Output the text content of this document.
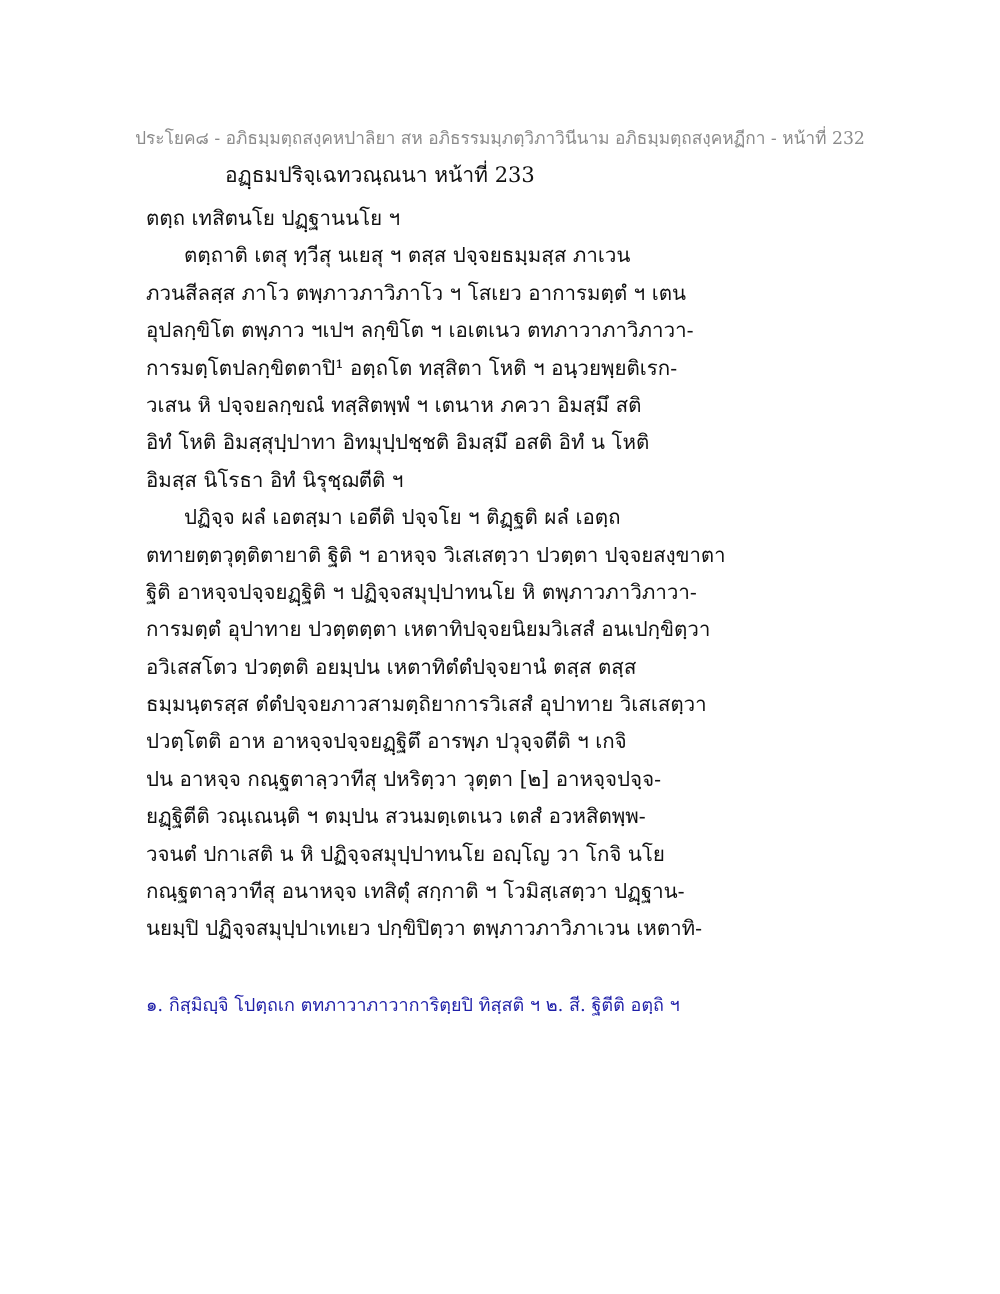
ประโยค๘ - อภิธมฺมตฺถสงฺคหปาลิยา สห อภิธรรมมฺภตฺวิภาวินีนาม อภิธมฺมตฺถสงฺคหฏีกา - หน้าที่ 232
อฏฺธมปริจฺเฉทวณฺณนา หน้าที่ 233
ตตฺถ เทสิตนโย ปฏฺฐานนโย ฯ
ตตฺถาติ เตสุ ทฺวีสุ นเยสุ ฯ ตสฺส ปจฺจยธมฺมสฺส ภาเวน
ภวนสีลสฺส ภาโว ตพฺภาวภาวิภาโว ฯ โสเยว อาการมตฺตํ ฯ เตน
อุปลกฺขิโต ตพฺภาว ฯเปฯ ลกฺขิโต ฯ เอเตเนว ตทภาวาภาวิภาวา-
การมตฺโตปลกฺขิตตาปิ¹ อตฺถโต ทสฺสิตา โหติ ฯ อนฺวยพฺยติเรก-
วเสน หิ ปจฺจยลกฺขณํ ทสฺสิตพฺพํ ฯ เตนาห ภควา อิมสฺมึ สติ
อิทํ โหติ อิมสฺสุปฺปาทา อิทมุปฺปชฺชติ อิมสฺมึ อสติ อิทํ น โหติ
อิมสฺส นิโรธา อิทํ นิรุชฺฌตีติ ฯ
ปฏิจฺจ ผลํ เอตสฺมา เอตีติ ปจฺจโย ฯ ติฏฺฐติ ผลํ เอตฺถ
ตทายตฺตวุตฺติตายาติ ฐิติ ฯ อาหจฺจ วิเสเสตฺวา ปวตฺตา ปจฺจยสงฺขาตา
ฐิติ อาหจฺจปจฺจยฏฺฐิติ ฯ ปฏิจฺจสมุปฺปาทนโย หิ ตพฺภาวภาวิภาวา-
การมตฺตํ อุปาทาย ปวตฺตตฺตา เหตาทิปจฺจยนิยมวิเสสํ อนเปกฺขิตฺวา
อวิเสสโตว ปวตฺตติ อยมฺปน เหตาทิตํตํปจฺจยานํ ตสฺส ตสฺส
ธมฺมนฺตรสฺส ตํตํปจฺจยภาวสามตฺถิยาการวิเสสํ อุปาทาย วิเสเสตฺวา
ปวตฺโตติ อาห อาหจฺจปจฺจยฏฺฐิตึ อารพฺภ ปวุจฺจตีติ ฯ เกจิ
ปน อาหจฺจ กณฺฐตาลฺวาทีสุ ปหริตฺวา วุตฺตา [๒] อาหจฺจปจฺจ-
ยฏฺฐิตีติ วณฺเณนฺติ ฯ ตมฺปน สวนมตฺเตเนว เตสํ อวหสิตพฺพ-
วจนตํ ปกาเสติ น หิ ปฏิจฺจสมุปฺปาทนโย อญฺโญ วา โกจิ นโย
กณฺฐตาลฺวาทีสุ อนาหจฺจ เทสิตุํ สกฺกาติ ฯ โวมิสฺเสตฺวา ปฏฺฐาน-
นยมฺปิ ปฏิจฺจสมุปฺปาเทเยว ปกฺขิปิตฺวา ตพฺภาวภาวิภาเวน เหตาทิ-
๑. กิสฺมิญฺจิ โปตฺถเก ตทภาวาภาวาการิตฺยปิ ทิสฺสติ ฯ ๒. สี. ฐิตีติ อตฺถิ ฯ
